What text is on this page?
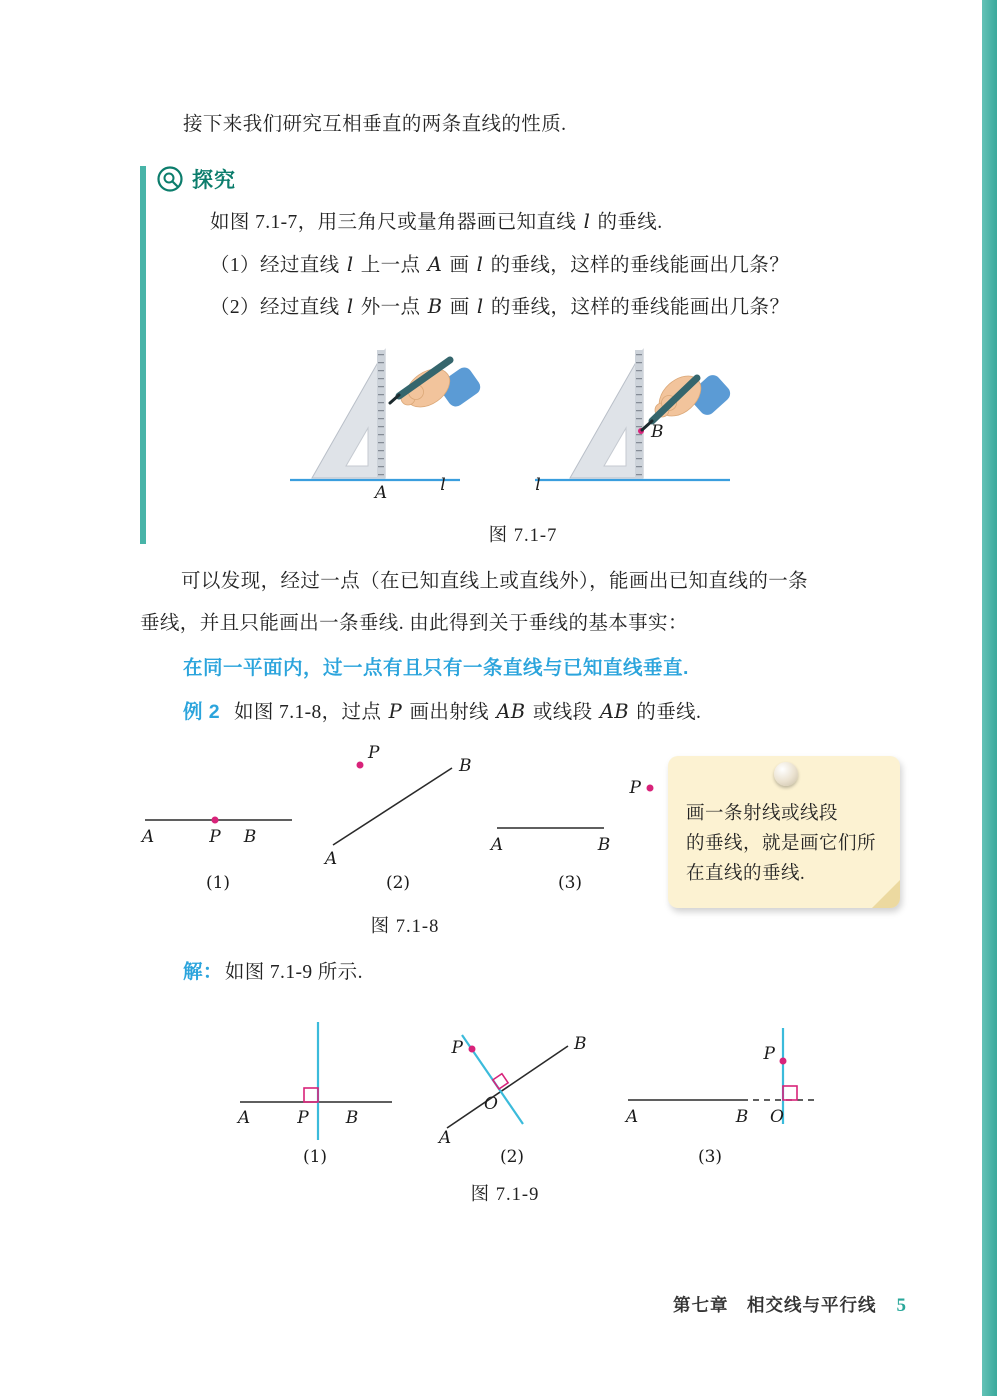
接下来我们研究互相垂直的两条直线的性质.

探究

如图 7.1-7，用三角尺或量角器画已知直线 l 的垂线.

（1）经过直线 l 上一点 A 画 l 的垂线，这样的垂线能画出几条？

（2）经过直线 l 外一点 B 画 l 的垂线，这样的垂线能画出几条？

A	l	l
B
图 7.1-7

可以发现，经过一点（在已知直线上或直线外），能画出已知直线的一条

垂线，并且只能画出一条垂线. 由此得到关于垂线的基本事实：

在同一平面内，过一点有且只有一条直线与已知直线垂直.

例 2 如图 7.1-8，过点 P 画出射线 AB 或线段 AB 的垂线.

A	P B
(1)
P
A
B
(2)
A	B
P
(3)
图 7.1-8
画一条射线或线段
的垂线，就是画它们所
在直线的垂线.

解： 如图 7.1-9 所示.

A	P B
(1)
P
O
A
B
(2)
P
A	B O
(3)
图 7.1-9
第七章　相交线与平行线 5
